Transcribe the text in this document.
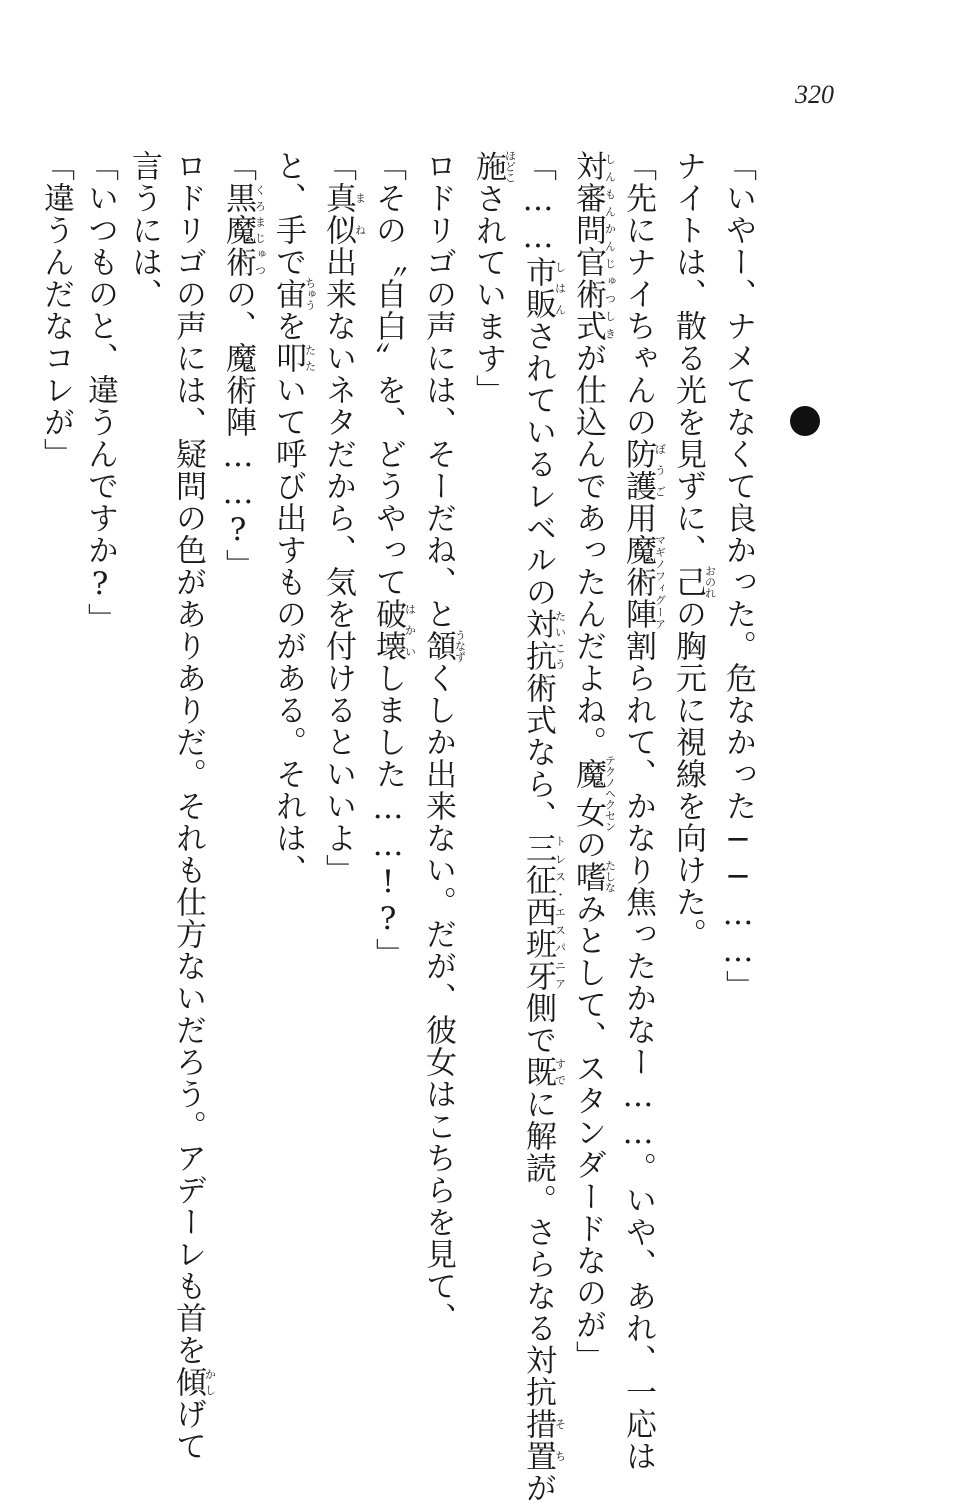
320
「いやー、ナメてなくて良かった。危なかった──……」
ナイトは、散る光を見ずに、己おのれの胸元に視線を向けた。
「先にナイちゃんの防護ぼうご用魔術陣マギノフィグーア割られて、かなり焦ったかなー……。いや、あれ、一応は
対審問官術式しんもんかんじゅつしきが仕込んであったんだよね。魔女テクノヘクセンの嗜たしなみとして、スタンダードなのが」
「……市販しはんされているレベルの対抗たいこう術式なら、三征西班牙トレス・エスパニア側で既すでに解読。さらなる対抗措置そちが
施ほどこされています」
ロドリゴの声には、そーだね、と頷うなずくしか出来ない。だが、彼女はこちらを見て、
「その〝自白〟を、どうやって破壊はかいしました……!?」
「真似まね出来ないネタだから、気を付けるといいよ」
と、手で宙ちゅうを叩たたいて呼び出すものがある。それは、
「黒魔術くろまじゅつの、魔術陣……?」
ロドリゴの声には、疑問の色がありありだ。それも仕方ないだろう。アデーレも首を傾かしげて
言うには、
「いつものと、違うんですか?」
「違うんだなコレが」
